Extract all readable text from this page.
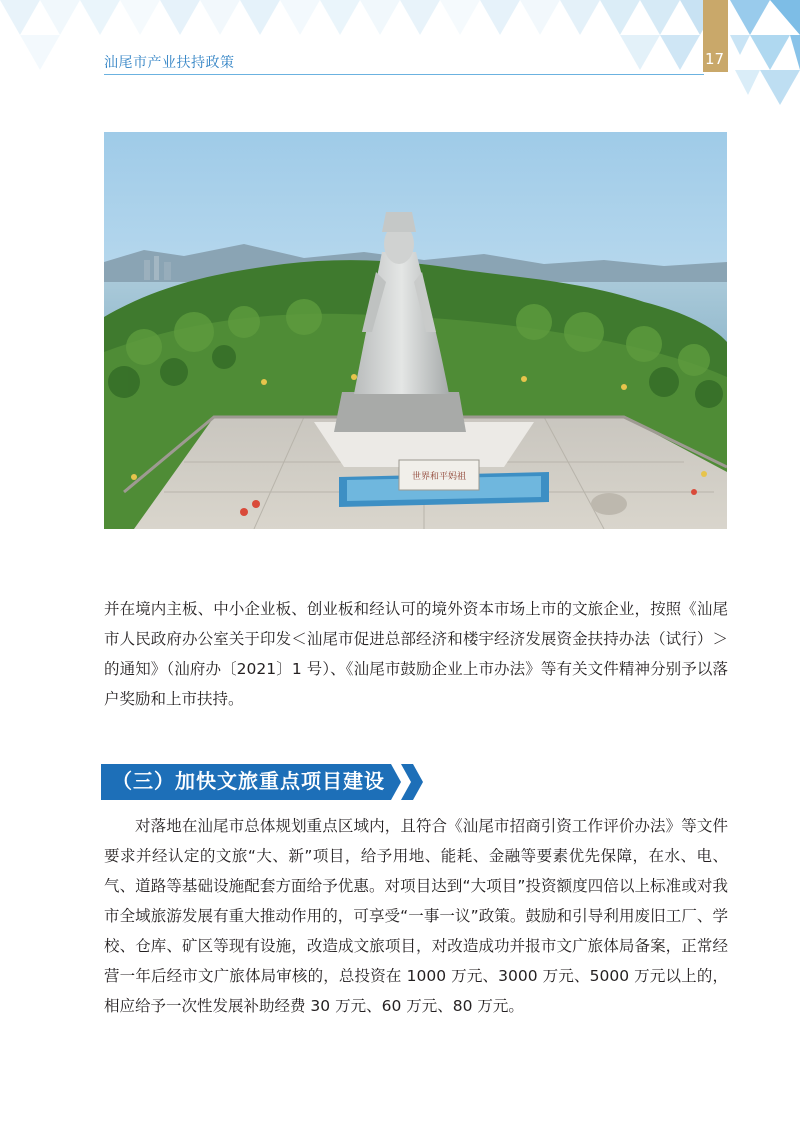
17
汕尾市产业扶持政策
世界和平妈祖

并在境内主板、中小企业板、创业板和经认可的境外资本市场上市的文旅企业，按照《汕尾市人民政府办公室关于印发＜汕尾市促进总部经济和楼宇经济发展资金扶持办法（试行）＞的通知》（汕府办〔2021〕1 号）、《汕尾市鼓励企业上市办法》等有关文件精神分别予以落户奖励和上市扶持。

（三）加快文旅重点项目建设

对落地在汕尾市总体规划重点区域内，且符合《汕尾市招商引资工作评价办法》等文件要求并经认定的文旅“大、新”项目，给予用地、能耗、金融等要素优先保障，在水、电、气、道路等基础设施配套方面给予优惠。对项目达到“大项目”投资额度四倍以上标准或对我市全域旅游发展有重大推动作用的，可享受“一事一议”政策。鼓励和引导利用废旧工厂、学校、仓库、矿区等现有设施，改造成文旅项目，对改造成功并报市文广旅体局备案，正常经营一年后经市文广旅体局审核的，总投资在 1000 万元、3000 万元、5000 万元以上的，相应给予一次性发展补助经费 30 万元、60 万元、80 万元。
